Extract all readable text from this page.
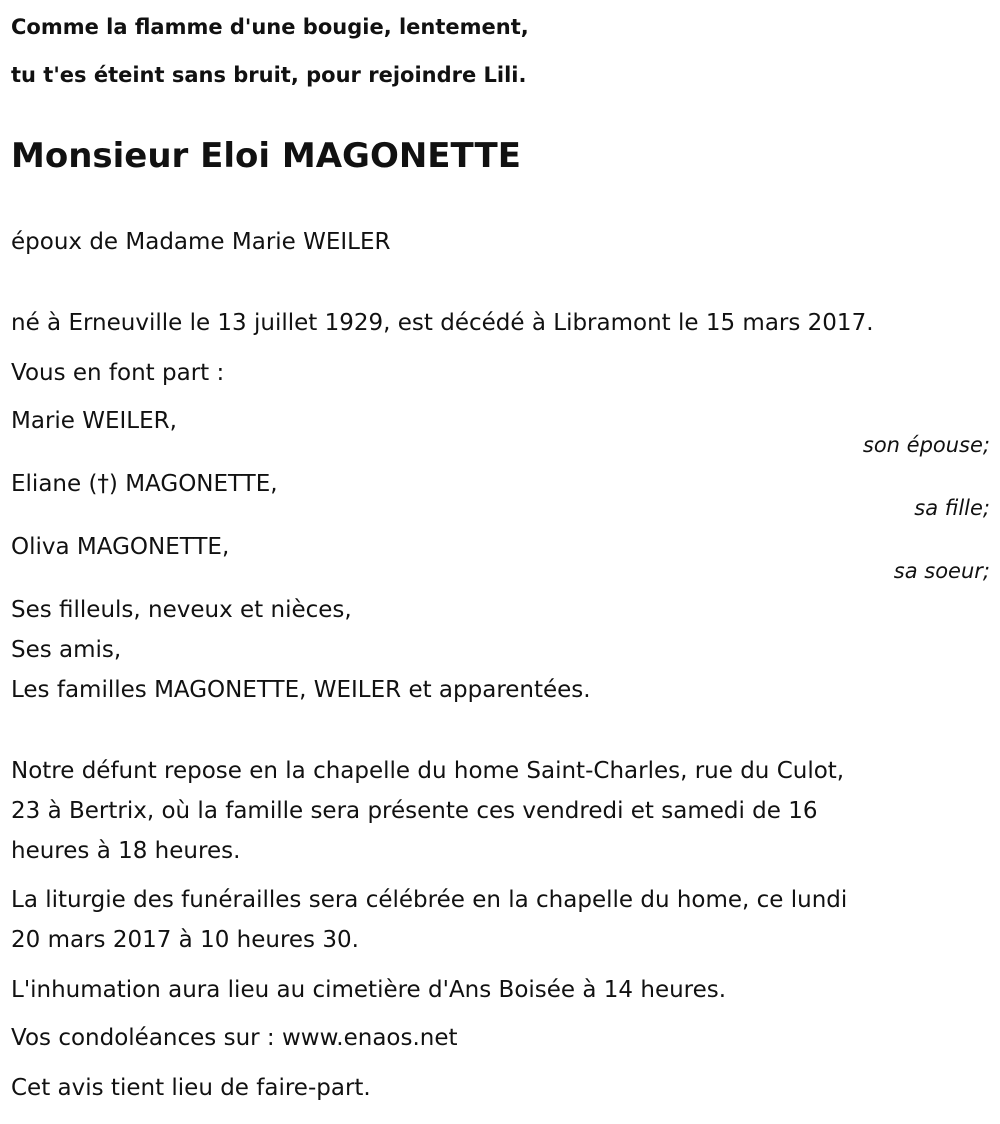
Comme la flamme d'une bougie, lentement,
tu t'es éteint sans bruit, pour rejoindre Lili.
Monsieur Eloi MAGONETTE
époux de Madame Marie WEILER
né à Erneuville le 13 juillet 1929, est décédé à Libramont le 15 mars 2017.
Vous en font part :
Marie WEILER,
son épouse;
Eliane (†) MAGONETTE,
sa fille;
Oliva MAGONETTE,
sa soeur;
Ses filleuls, neveux et nièces,
Ses amis,
Les familles MAGONETTE, WEILER et apparentées.
Notre défunt repose en la chapelle du home Saint-Charles, rue du Culot,
23 à Bertrix, où la famille sera présente ces vendredi et samedi de 16
heures à 18 heures.
La liturgie des funérailles sera célébrée en la chapelle du home, ce lundi
20 mars 2017 à 10 heures 30.
L'inhumation aura lieu au cimetière d'Ans Boisée à 14 heures.
Vos condoléances sur : www.enaos.net
Cet avis tient lieu de faire-part.
